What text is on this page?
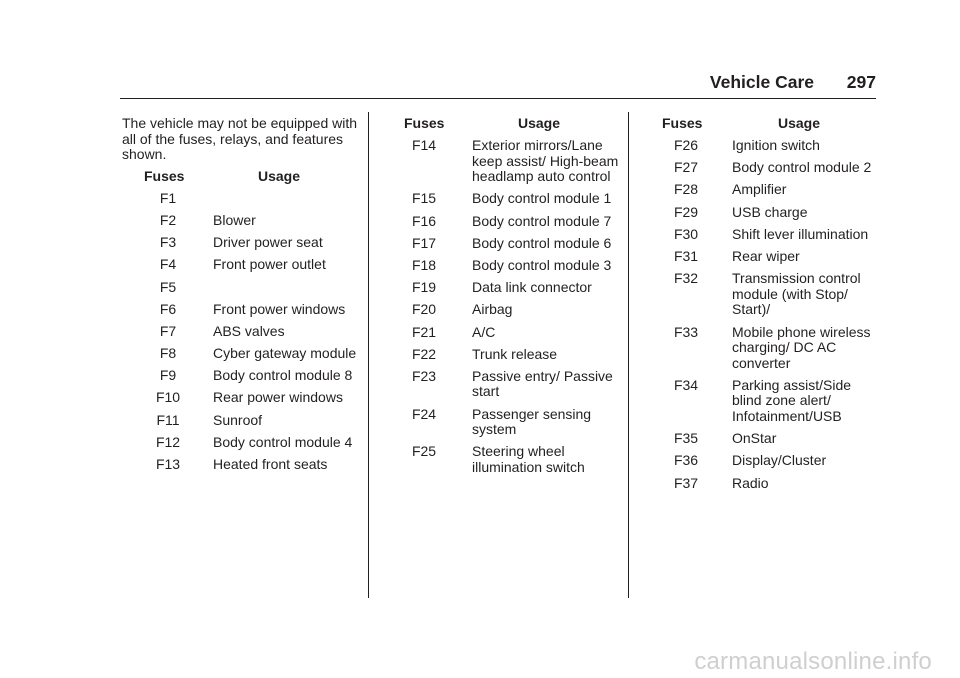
Vehicle Care 297
The vehicle may not be equipped with all of the fuses, relays, and features shown.
Fuses	Usage
F1
F2	Blower
F3	Driver power seat
F4	Front power outlet
F5
F6	Front power windows
F7	ABS valves
F8	Cyber gateway module
F9	Body control module 8
F10	Rear power windows
F11	Sunroof
F12	Body control module 4
F13	Heated front seats
Fuses	Usage
F14	Exterior mirrors/Lane keep assist/ High-beam headlamp auto control
F15	Body control module 1
F16	Body control module 7
F17	Body control module 6
F18	Body control module 3
F19	Data link connector
F20	Airbag
F21	A/C
F22	Trunk release
F23	Passive entry/ Passive start
F24	Passenger sensing system
F25	Steering wheel illumination switch
Fuses	Usage
F26	Ignition switch
F27	Body control module 2
F28	Amplifier
F29	USB charge
F30	Shift lever illumination
F31	Rear wiper
F32	Transmission control module (with Stop/ Start)/
F33	Mobile phone wireless charging/ DC AC converter
F34	Parking assist/Side blind zone alert/ Infotainment/USB
F35	OnStar
F36	Display/Cluster
F37	Radio
carmanualsonline.info
